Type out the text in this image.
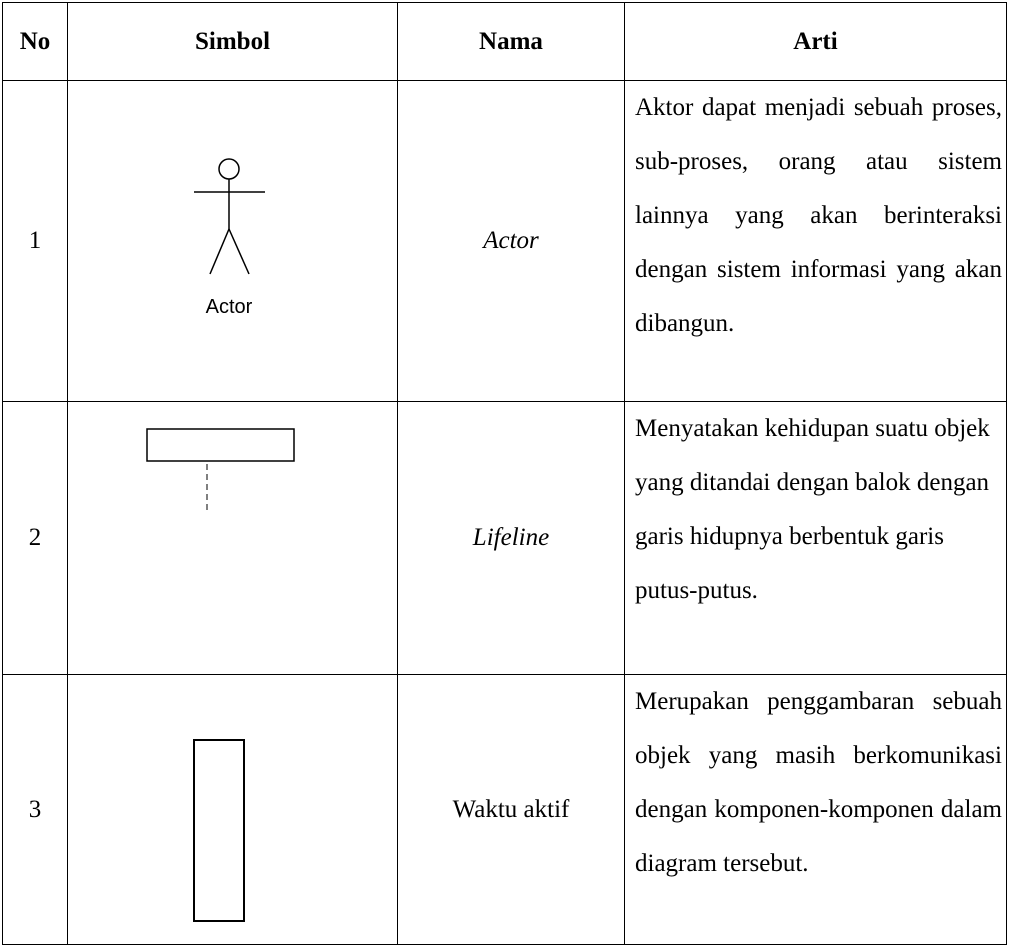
No	Simbol	Nama	Arti
1	Actor	Actor	Aktor dapat menjadi sebuah proses, sub-proses, orang atau sistem lainnya yang akan berinteraksi dengan sistem informasi yang akan dibangun.

2		Lifeline	Menyatakan kehidupan suatu objek yang ditandai dengan balok dengan garis hidupnya berbentuk garis putus-putus.

3		Waktu aktif	Merupakan penggambaran sebuah objek yang masih berkomunikasi dengan komponen-komponen dalam diagram tersebut.
